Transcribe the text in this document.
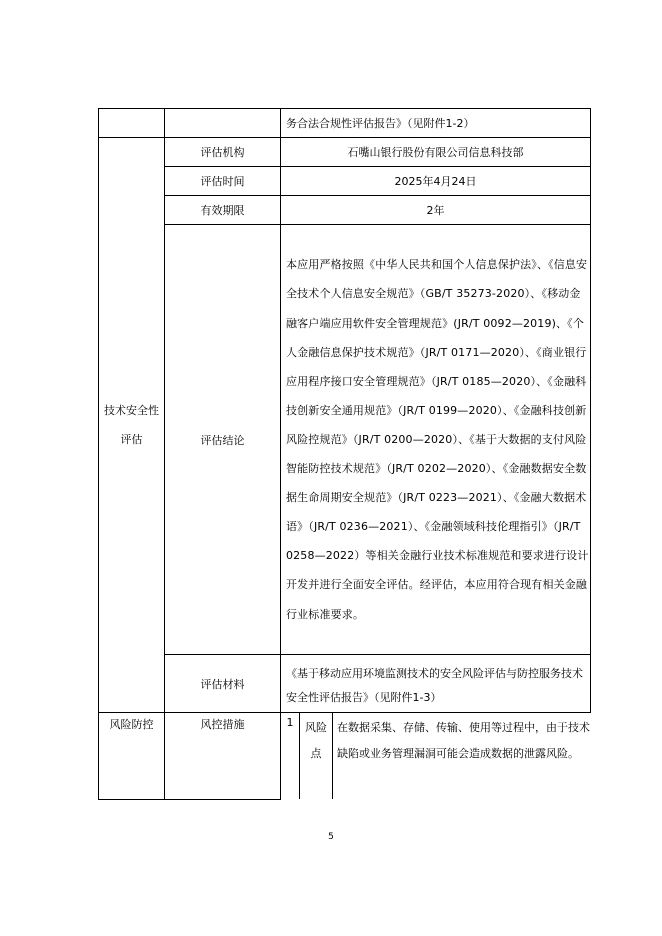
		务合法合规性评估报告》（见附件1-2）
技术安全性评估	评估机构	石嘴山银行股份有限公司信息科技部
评估时间	2025年4月24日
有效期限	2年
评估结论	本应用严格按照《中华人民共和国个人信息保护法》、《信息安全技术个人信息安全规范》（GB/T 35273-2020）、《移动金融客户端应用软件安全管理规范》(JR/T 0092—2019)、《个人金融信息保护技术规范》（JR/T 0171—2020）、《商业银行应用程序接口安全管理规范》（JR/T 0185—2020）、《金融科技创新安全通用规范》（JR/T 0199—2020）、《金融科技创新风险控规范》（JR/T 0200—2020）、《基于大数据的支付风险智能防控技术规范》（JR/T 0202—2020）、《金融数据安全数据生命周期安全规范》（JR/T 0223—2021）、《金融大数据术语》（JR/T 0236—2021）、《金融领域科技伦理指引》（JR/T 0258—2022）等相关金融行业技术标准规范和要求进行设计开发并进行全面安全评估。经评估，本应用符合现有相关金融行业标准要求。
评估材料	《基于移动应用环境监测技术的安全风险评估与防控服务技术安全性评估报告》（见附件1-3）
风险防控	风控措施		1	风险点	在数据采集、存储、传输、使用等过程中，由于技术缺陷或业务管理漏洞可能会造成数据的泄露风险。
5
